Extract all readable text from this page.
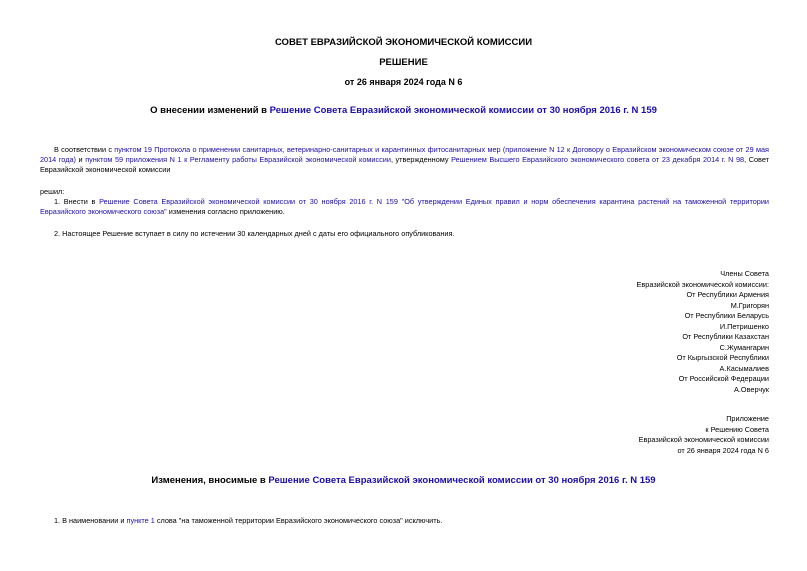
СОВЕТ ЕВРАЗИЙСКОЙ ЭКОНОМИЧЕСКОЙ КОМИССИИ
РЕШЕНИЕ
от 26 января 2024 года N 6
О внесении изменений в Решение Совета Евразийской экономической комиссии от 30 ноября 2016 г. N 159

В соответствии с пунктом 19 Протокола о применении санитарных, ветеринарно-санитарных и карантинных фитосанитарных мер (приложение N 12 к Договору о Евразийском экономическом союзе от 29 мая 2014 года) и пунктом 59 приложения N 1 к Регламенту работы Евразийской экономической комиссии, утвержденному Решением Высшего Евразийского экономического совета от 23 декабря 2014 г. N 98, Совет Евразийской экономической комиссии

решил:

1. Внести в Решение Совета Евразийской экономической комиссии от 30 ноября 2016 г. N 159 "Об утверждении Единых правил и норм обеспечения карантина растений на таможенной территории Евразийского экономического союза" изменения согласно приложению.

2. Настоящее Решение вступает в силу по истечении 30 календарных дней с даты его официального опубликования.

Члены Совета
Евразийской экономической комиссии:
От Республики Армения
М.Григорян
От Республики Беларусь
И.Петришенко
От Республики Казахстан
С.Жумангарин
От Кыргызской Республики
А.Касымалиев
От Российской Федерации
А.Оверчук
Приложение
к Решению Совета
Евразийской экономической комиссии
от 26 января 2024 года N 6
Изменения, вносимые в Решение Совета Евразийской экономической комиссии от 30 ноября 2016 г. N 159

1. В наименовании и пункте 1 слова "на таможенной территории Евразийского экономического союза" исключить.
